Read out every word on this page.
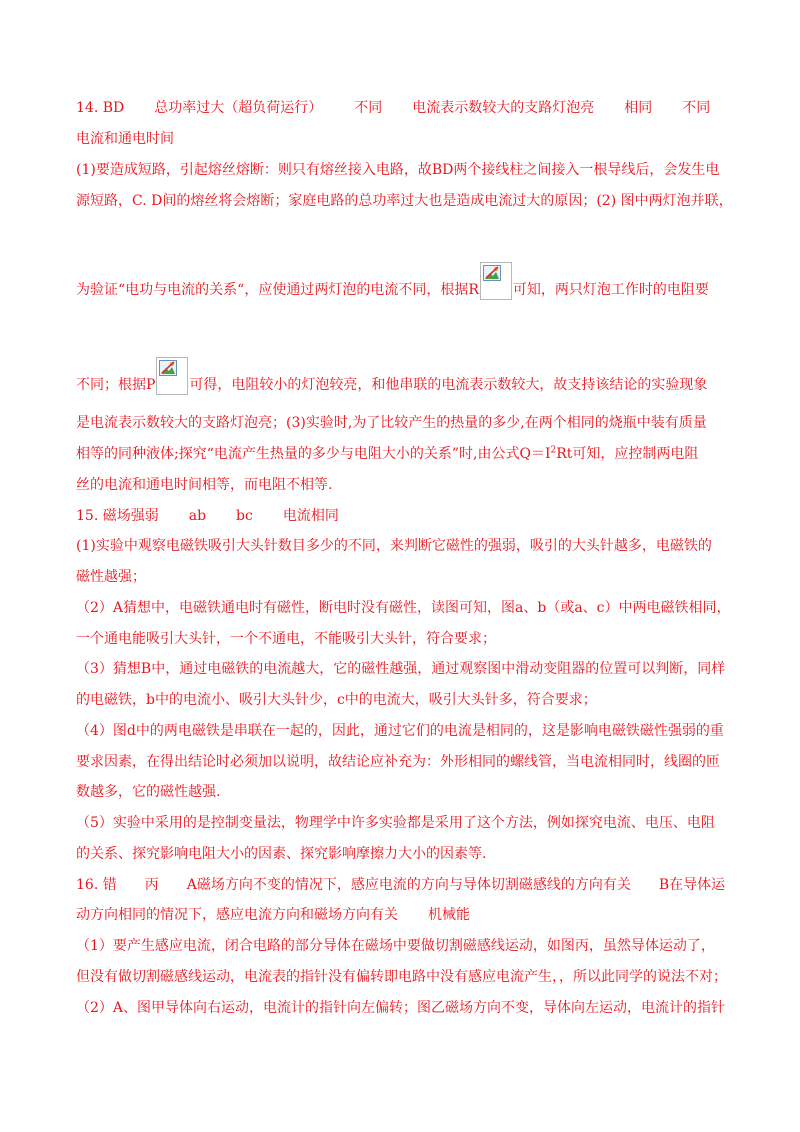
14. BD 总功率过大（超负荷运行） 不同 电流表示数较大的支路灯泡亮 相同 不同
电流和通电时间
(1)要造成短路，引起熔丝熔断：则只有熔丝接入电路，故BD两个接线柱之间接入一根导线后，会发生电
源短路，C. D间的熔丝将会熔断；家庭电路的总功率过大也是造成电流过大的原因；(2) 图中两灯泡并联，
为验证“电功与电流的关系“，应使通过两灯泡的电流不同，根据R 可知，两只灯泡工作时的电阻要
不同；根据P 可得，电阻较小的灯泡较亮，和他串联的电流表示数较大，故支持该结论的实验现象
是电流表示数较大的支路灯泡亮；(3)实验时,为了比较产生的热量的多少,在两个相同的烧瓶中装有质量
相等的同种液体;探究“电流产生热量的多少与电阻大小的关系”时,由公式$Q=I^2Rt$可知，应控制两电阻
丝的电流和通电时间相等，而电阻不相等.
15. 磁场强弱 ab bc 电流相同
(1)实验中观察电磁铁吸引大头针数目多少的不同，来判断它磁性的强弱，吸引的大头针越多，电磁铁的
磁性越强；
（2）A猜想中，电磁铁通电时有磁性，断电时没有磁性，读图可知，图a、b（或a、c）中两电磁铁相同，
一个通电能吸引大头针，一个不通电，不能吸引大头针，符合要求；
（3）猜想B中，通过电磁铁的电流越大，它的磁性越强，通过观察图中滑动变阻器的位置可以判断，同样
的电磁铁，b中的电流小、吸引大头针少，c中的电流大，吸引大头针多，符合要求；
（4）图d中的两电磁铁是串联在一起的，因此，通过它们的电流是相同的，这是影响电磁铁磁性强弱的重
要求因素，在得出结论时必须加以说明，故结论应补充为：外形相同的螺线管，当电流相同时，线圈的匝
数越多，它的磁性越强.
（5）实验中采用的是控制变量法，物理学中许多实验都是采用了这个方法，例如探究电流、电压、电阻
的关系、探究影响电阻大小的因素、探究影响摩擦力大小的因素等.
16. 错 丙 A磁场方向不变的情况下，感应电流的方向与导体切割磁感线的方向有关 B在导体运
动方向相同的情况下，感应电流方向和磁场方向有关 机械能
（1）要产生感应电流，闭合电路的部分导体在磁场中要做切割磁感线运动，如图丙，虽然导体运动了，
但没有做切割磁感线运动，电流表的指针没有偏转即电路中没有感应电流产生，，所以此同学的说法不对；
（2）A、图甲导体向右运动，电流计的指针向左偏转；图乙磁场方向不变，导体向左运动，电流计的指针
